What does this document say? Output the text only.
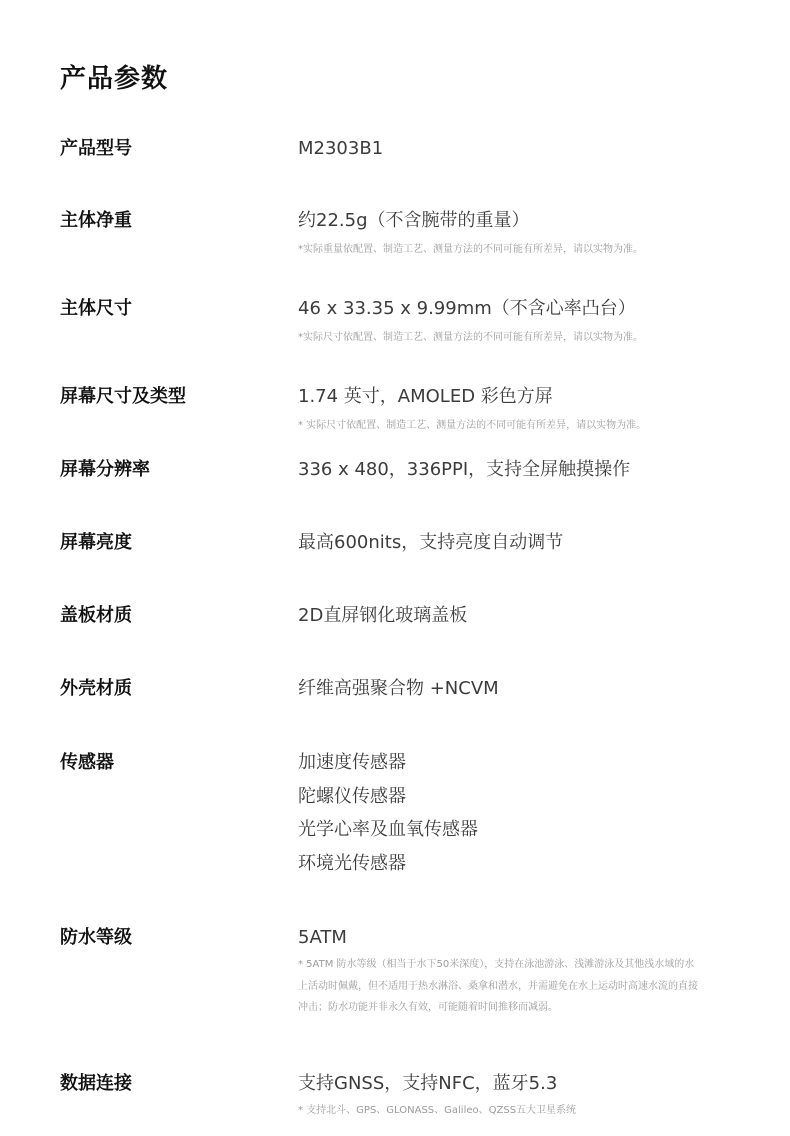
产品参数
产品型号	M2303B1
主体净重	约22.5g（不含腕带的重量）
*实际重量依配置、制造工艺、测量方法的不同可能有所差异，请以实物为准。
主体尺寸	46 x 33.35 x 9.99mm（不含心率凸台）
*实际尺寸依配置、制造工艺、测量方法的不同可能有所差异，请以实物为准。
屏幕尺寸及类型	1.74 英寸，AMOLED 彩色方屏
* 实际尺寸依配置、制造工艺、测量方法的不同可能有所差异，请以实物为准。
屏幕分辨率	336 x 480，336PPI，支持全屏触摸操作
屏幕亮度	最高600nits，支持亮度自动调节
盖板材质	2D直屏钢化玻璃盖板
外壳材质	纤维高强聚合物 +NCVM
传感器	加速度传感器
陀螺仪传感器
光学心率及血氧传感器
环境光传感器
防水等级	5ATM
* 5ATM 防水等级（相当于水下50米深度），支持在泳池游泳、浅滩游泳及其他浅水域的水上活动时佩戴，但不适用于热水淋浴、桑拿和潜水，并需避免在水上运动时高速水流的直接冲击；防水功能并非永久有效，可能随着时间推移而减弱。
数据连接	支持GNSS，支持NFC，蓝牙5.3
* 支持北斗、GPS、GLONASS、Galileo、QZSS五大卫星系统
